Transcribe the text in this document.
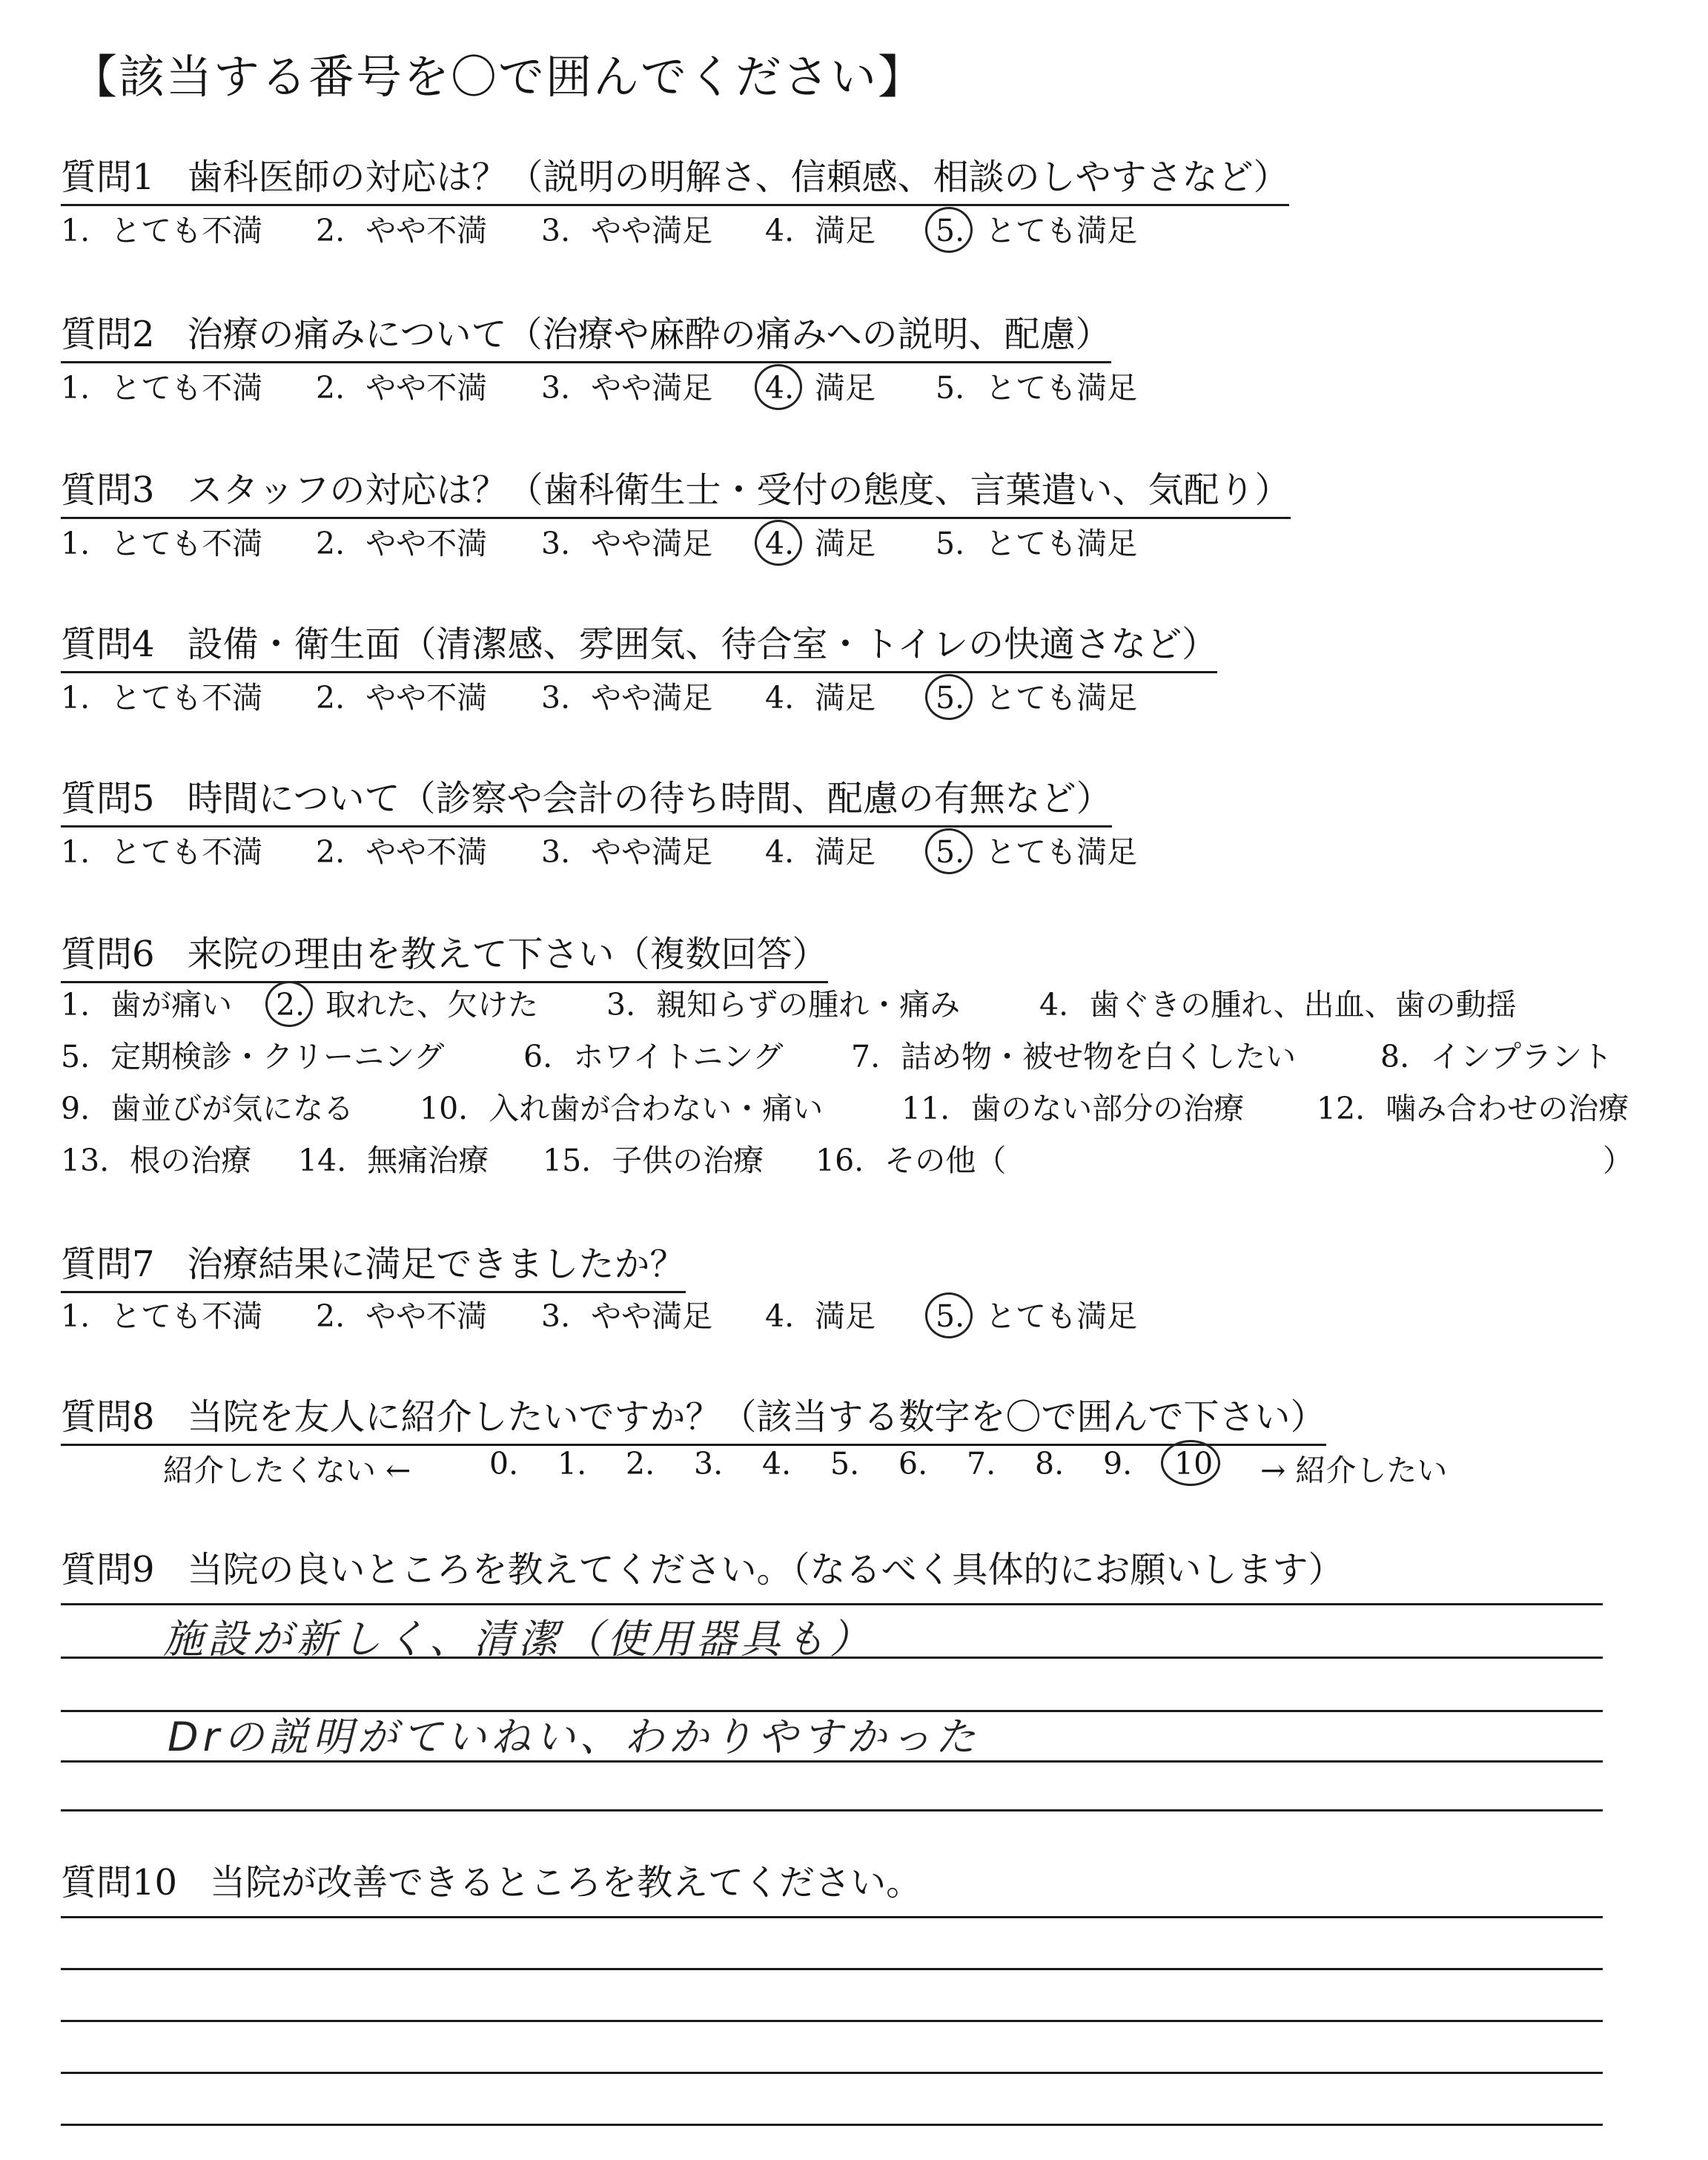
【該当する番号を〇で囲んでください】
質問1 歯科医師の対応は？（説明の明解さ、信頼感、相談のしやすさなど）
1. とても不満 2. やや不満 3. やや満足 4. 満足 5. とても満足
質問2 治療の痛みについて（治療や麻酔の痛みへの説明、配慮）
1. とても不満 2. やや不満 3. やや満足 4. 満足 5. とても満足
質問3 スタッフの対応は？（歯科衛生士・受付の態度、言葉遣い、気配り）
1. とても不満 2. やや不満 3. やや満足 4. 満足 5. とても満足
質問4 設備・衛生面（清潔感、雰囲気、待合室・トイレの快適さなど）
1. とても不満 2. やや不満 3. やや満足 4. 満足 5. とても満足
質問5 時間について（診察や会計の待ち時間、配慮の有無など）
1. とても不満 2. やや不満 3. やや満足 4. 満足 5. とても満足
質問6 来院の理由を教えて下さい（複数回答）
1. 歯が痛い 2. 取れた、欠けた 3. 親知らずの腫れ・痛み	4. 歯ぐきの腫れ、出血、歯の動揺
5. 定期検診・クリーニング	6. ホワイトニング 7. 詰め物・被せ物を白くしたい	8. インプラント
9. 歯並びが気になる 10. 入れ歯が合わない・痛い	11. 歯のない部分の治療 12. 噛み合わせの治療
13. 根の治療 14. 無痛治療 15. 子供の治療 16. その他（	）
質問7 治療結果に満足できましたか？
1. とても不満 2. やや不満 3. やや満足 4. 満足 5. とても満足
質問8 当院を友人に紹介したいですか？（該当する数字を〇で囲んで下さい）
紹介したくない ←	0. 1. 2. 3. 4. 5. 6. 7. 8. 9. 10 → 紹介したい
質問9 当院の良いところを教えてください。（なるべく具体的にお願いします）
施設が新しく、清潔（使用器具も）
Drの説明がていねい、わかりやすかった
質問10 当院が改善できるところを教えてください。
